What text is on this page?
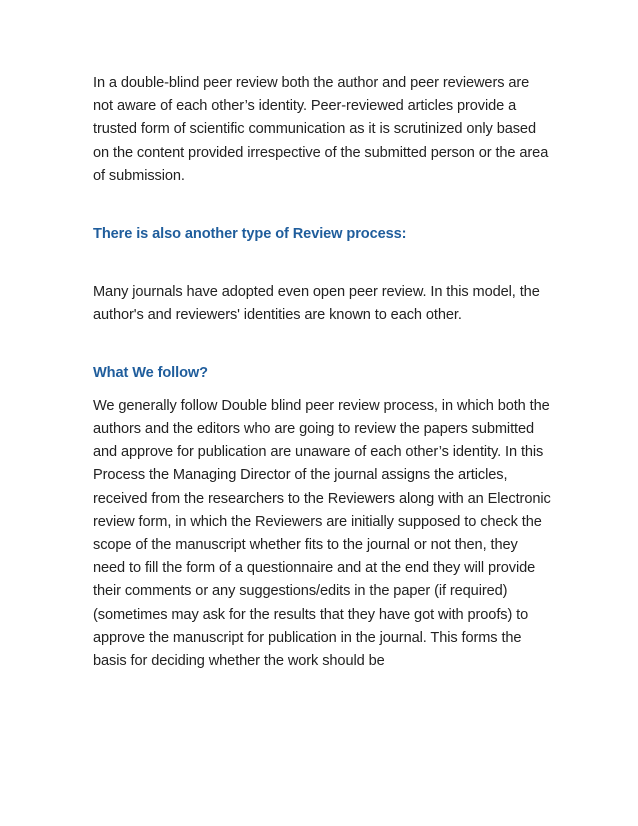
In a double-blind peer review both the author and peer reviewers are not aware of each other’s identity. Peer-reviewed articles provide a trusted form of scientific communication as it is scrutinized only based on the content provided irrespective of the submitted person or the area of submission.

There is also another type of Review process:

Many journals have adopted even open peer review. In this model, the author's and reviewers' identities are known to each other.

What We follow?

We generally follow Double blind peer review process, in which both the authors and the editors who are going to review the papers submitted and approve for publication are unaware of each other’s identity. In this Process the Managing Director of the journal assigns the articles, received from the researchers to the Reviewers along with an Electronic review form, in which the Reviewers are initially supposed to check the scope of the manuscript whether fits to the journal or not then, they need to fill the form of a questionnaire and at the end they will provide their comments or any suggestions/edits in the paper (if required) (sometimes may ask for the results that they have got with proofs) to approve the manuscript for publication in the journal. This forms the basis for deciding whether the work should be
